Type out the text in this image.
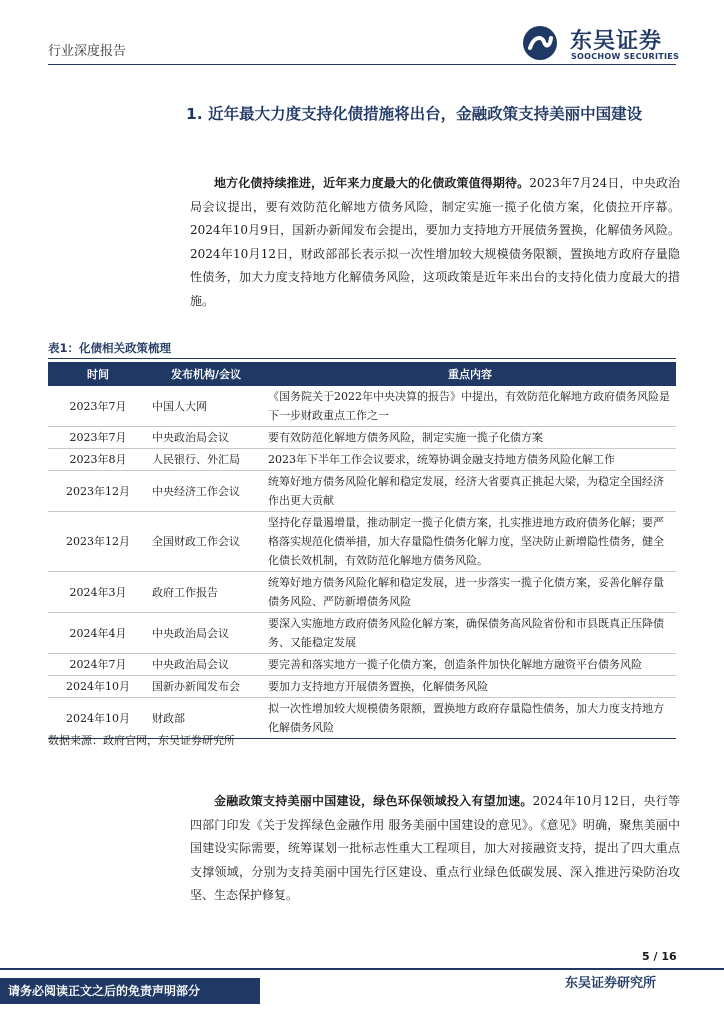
行业深度报告	东吴证券
SOOCHOW SECURITIES
1. 近年最大力度支持化债措施将出台，金融政策支持美丽中国建设
地方化债持续推进，近年来力度最大的化债政策值得期待。2023年7月24日，中央政治局会议提出，要有效防范化解地方债务风险，制定实施一揽子化债方案，化债拉开序幕。2024年10月9日，国新办新闻发布会提出，要加力支持地方开展债务置换，化解债务风险。2024年10月12日，财政部部长表示拟一次性增加较大规模债务限额，置换地方政府存量隐性债务，加大力度支持地方化解债务风险，这项政策是近年来出台的支持化债力度最大的措施。
表1：化债相关政策梳理
时间	发布机构/会议	重点内容
2023年7月	中国人大网	《国务院关于2022年中央决算的报告》中提出，有效防范化解地方政府债务风险是下一步财政重点工作之一
2023年7月	中央政治局会议	要有效防范化解地方债务风险，制定实施一揽子化债方案
2023年8月	人民银行、外汇局	2023年下半年工作会议要求，统筹协调金融支持地方债务风险化解工作
2023年12月	中央经济工作会议	统筹好地方债务风险化解和稳定发展，经济大省要真正挑起大梁，为稳定全国经济作出更大贡献
2023年12月	全国财政工作会议	坚持化存量遏增量，推动制定一揽子化债方案，扎实推进地方政府债务化解；要严格落实规范化债举措，加大存量隐性债务化解力度，坚决防止新增隐性债务，健全化债长效机制，有效防范化解地方债务风险。
2024年3月	政府工作报告	统筹好地方债务风险化解和稳定发展，进一步落实一揽子化债方案，妥善化解存量债务风险、严防新增债务风险
2024年4月	中央政治局会议	要深入实施地方政府债务风险化解方案，确保债务高风险省份和市县既真正压降债务、又能稳定发展
2024年7月	中央政治局会议	要完善和落实地方一揽子化债方案，创造条件加快化解地方融资平台债务风险
2024年10月	国新办新闻发布会	要加力支持地方开展债务置换，化解债务风险
2024年10月	财政部	拟一次性增加较大规模债务限额，置换地方政府存量隐性债务，加大力度支持地方化解债务风险
数据来源：政府官网，东吴证券研究所
金融政策支持美丽中国建设，绿色环保领域投入有望加速。2024年10月12日，央行等四部门印发《关于发挥绿色金融作用 服务美丽中国建设的意见》。《意见》明确，聚焦美丽中国建设实际需要，统筹谋划一批标志性重大工程项目，加大对接融资支持，提出了四大重点支撑领域，分别为支持美丽中国先行区建设、重点行业绿色低碳发展、深入推进污染防治攻坚、生态保护修复。
5 / 16
请务必阅读正文之后的免责声明部分	东吴证券研究所
